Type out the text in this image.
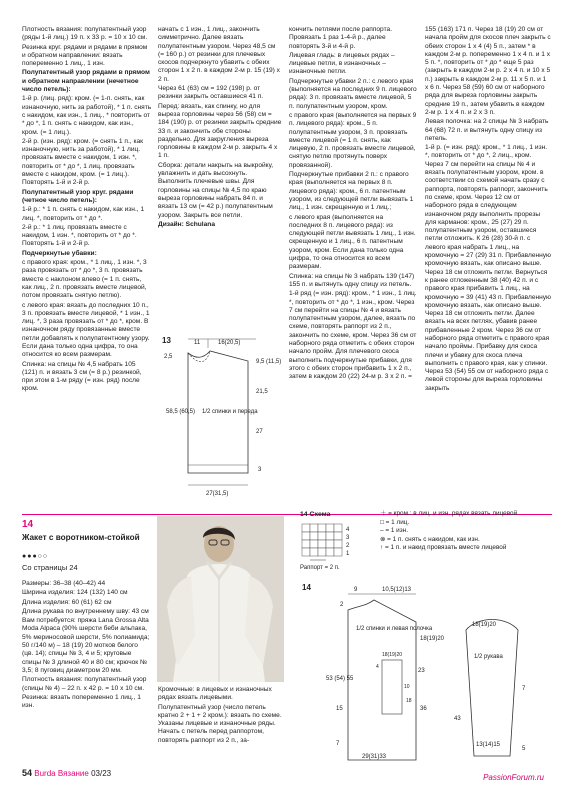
Плотность вязания: полупатентный узор (ряды 1-й лиц.) 19 п. х 33 р. = 10 х 10 см.

Резинка круг. рядами и рядами в прямом и обратном направлении: вязать попеременно 1 лиц., 1 изн.

Полупатентный узор рядами в прямом и обратном направлении (нечетное число петель):

1-й р. (лиц. ряд): кром. (= 1-п. снять, как изнаночную, нить за работой), * 1 п. снять с накидом, как изн., 1 лиц., * повторить от * до *, 1 п. снять с накидом, как изн., кром. (= 1 лиц.).

2-й р. (изн. ряд): кром. (= снять 1 п., как изнаночную, нить за работой), * 1 лиц. провязать вместе с накидом, 1 изн. *, повторить от * до *, 1 лиц. провязать вместе с накидом, кром. (= 1 лиц.). Повторять 1-й и 2-й р.

Полупатентный узор круг. рядами (четное число петель):

1-й р.: * 1 п. снять с накидом, как изн., 1 лиц. *, повторить от * до *.

2-й р.: * 1 лиц. провязать вместе с накидом, 1 изн. *, повторить от * до *. Повторять 1-й и 2-й р.

Подчеркнутые убавки:

с правого края: кром., * 1 лиц., 1 изн. *, 3 раза провязать от * до *, 3 п. провязать вместе с наклоном влево (= 1 п. снять, как лиц., 2 п. провязать вместе лицевой, потом провязать снятую петлю).

с левого края: вязать до последних 10 п., 3 п. провязать вместе лицевой, * 1 изн., 1 лиц. *, 3 раза провязать от * до *, кром. В изнаночном ряду провязанные вместе петли добавлять к полупатентному узору. Если дана только одна цифра, то она относится ко всем размерам.

Спинка: на спицы № 4,5 набрать 105 (121) п. и вязать 3 см (= 8 р.) резинкой, при этом в 1-м ряду (= изн. ряд) после кром.

начать с 1 изн., 1 лиц., закончить симметрично. Далее вязать полупатентным узором. Через 48,5 см (= 160 р.) от резинки для плечевых скосов подчеркнуто убавить с обеих сторон 1 х 2 п. в каждом 2-м р. 15 (19) х 2 п.

Через 61 (63) см = 192 (198) р. от резинки закрыть оставшиеся 41 п.

Перед: вязать, как спинку, но для выреза горловины через 56 (58) см = 184 (190) р. от резинки закрыть средние 33 п. и закончить обе стороны раздельно. Для закругления выреза горловины в каждом 2-м р. закрыть 4 х 1 п.

Сборка: детали накрыть на выкройку, увлажнить и дать высохнуть. Выполнить плечевые швы. Для горловины на спицы № 4,5 по краю выреза горловины набрать 84 п. и вязать 13 см (= 42 р.) полупатентным узором. Закрыть все петли.

Дизайн: Schulana

кончить петлями после раппорта. Провязать 1 раз 1-4-й р., далее повторять 3-й и 4-й р.

Лицевая гладь: в лицевых рядах – лицевые петли, в изнаночных – изнаночные петли.

Подчеркнутые убавки 2 п.: с левого края (выполняется на последних 9 п. лицевого ряда): 3 п. провязать вместе лицевой, 5 п. полупатентным узором, кром.

с правого края (выполняется на первых 9 п. лицевого ряда): кром., 5 п. полупатентным узором, 3 п. провязать вместе лицевой (= 1 п. снять, как лицевую, 2 п. провязать вместе лицевой, снятую петлю протянуть поверх провязанной).

Подчеркнутые прибавки 2 п.: с правого края (выполняется на первых 8 п. лицевого ряда): кром., 6 п. патентным узором, из следующей петли вывязать 1 лиц., 1 изн. скрещенную и 1 лиц.;

с левого края (выполняется на последних 8 п. лицевого ряда): из следующей петли вывязать 1 лиц., 1 изн. скрещенную и 1 лиц., 6 п. патентным узором, кром. Если дана только одна цифра, то она относится ко всем размерам.

Спинка: на спицы № 3 набрать 139 (147) 155 п. и вытянуть одну спицу из петель.

1-й ряд (= изн. ряд): кром., * 1 изн., 1 лиц. *, повторить от * до *, 1 изн., кром. Через 7 см перейти на спицы № 4 и вязать полупатентным узором, далее, вязать по схеме, повторять раппорт из 2 п., закончить по схеме, кром. Через 36 см от наборного ряда отметить с обеих сторон начало пройм. Для плечевого скоса выполнить подчеркнутые прибавки, для этого с обеих сторон прибавить 1 х 2 п., затем в каждом 20 (22) 24-м р. 3 х 2 п. =

155 (163) 171 п. Через 18 (19) 20 см от начала пройм для скосов плеч закрыть с обеих сторон 1 х 4 (4) 5 п., затем * в каждом 2-м р. попеременно 1 х 4 п. и 1 х 5 п. *, повторить от * до * еще 5 раз (закрыть в каждом 2-м р. 2 х 4 п. и 10 х 5 п.) закрыть в каждом 2-м р. 11 х 5 п. и 1 х 6 п. Через 58 (59) 60 см от наборного ряда для выреза горловины закрыть средние 19 п., затем убавить в каждом 2-м р. 1 х 4 п. и 2 х 3 п.

Левая полочка: на 2 спицы № 3 набрать 64 (68) 72 п. и вытянуть одну спицу из петель.

1-й р. (= изн. ряд): кром., * 1 лиц., 1 изн. *, повторить от * до *, 2 лиц., кром. Через 7 см перейти на спицы № 4 и вязать полупатентным узором, кром. в соответствии со схемой начать сразу с раппорта, повторять раппорт, закончить по схеме, кром. Через 12 см от наборного ряда в следующем изнаночном ряду выполнить прорезы для карманов: кром., 25 (27) 29 п. полупатентным узором, оставшиеся петли отложить. К 26 (28) 30-й п. с левого края набрать 1 лиц., на кромочную = 27 (29) 31 п. Прибавленную кромочную вязать, как описано выше. Через 18 см отложить петли. Вернуться к ранее отложенным 38 (40) 42 п. и с правого края прибавить 1 лиц., на кромочную = 39 (41) 43 п. Прибавленную кромочную вязать, как описано выше. Через 18 см отложить петли. Далее вязать на всех петлях, убавив ранее прибавленные 2 кром. Через 36 см от наборного ряда отметить с правого края начало проймы. Прибавку для скоса плечи и убавку для скоса плеча выполнить с правого края, как у спинки. Через 53 (54) 55 см от наборного ряда с левой стороны для выреза горловины закрыть

13	11	16(20,5)
2,5
9,5 (11,5)
21,5
58,5 (60,5) 1/2 спинки и переда
27
3
27(31,5)
14
Жакет с воротником-стойкой
●●●○○
Со страницы 24

Размеры: 36–38 (40–42) 44

Ширина изделия: 124 (132) 140 см

Длина изделия: 60 (61) 62 см

Длина рукава по внутреннему шву: 43 см

Вам потребуется: пряжа Lana Grossa Alta Moda Alpaca (90% шерсти беби альпака, 5% мериносовой шерсти, 5% полиамида; 50 г/140 м) – 18 (19) 20 мотков белого (цв. 14); спицы № 3, 4 и 5; круговые спицы № 3 длиной 40 и 80 см; крючок № 3,5; 8 пуговиц диаметром 20 мм.

Плотность вязания: полупатентный узор (спицы № 4) – 22 п. х 42 р. = 10 х 10 см.

Резинка: вязать попеременно 1 лиц., 1 изн.

Кромочные: в лицевых и изнаночных рядах вязать лицевыми.

Полупатентный узор (число петель кратно 2 + 1 + 2 кром.): вязать по схеме. Указаны лицевые и изнаночные ряды. Начать с петель перед раппортом, повторять раппорт из 2 п., за-

14 Схема
4
3
2
1
Раппорт = 2 п.
＋ = кром.: в лиц. и изн. рядах вязать лицевой
□ = 1 лиц.
– = 1 изн.
⊗ = 1 п. снять с накидом, как изн.
↑ = 1 п. и накид провязать вместе лицевой
14	9	10,5(12)13
2
1/2 спинки и левая полочка
18(19)20
53 (54) 55
18(19)20
29(31)33
23
4
7
10
18
15	36
1/2 рукава
18(19)20
43
7
13(14)15
5
54 Burda Вязание 03/23	PassionForum.ru
